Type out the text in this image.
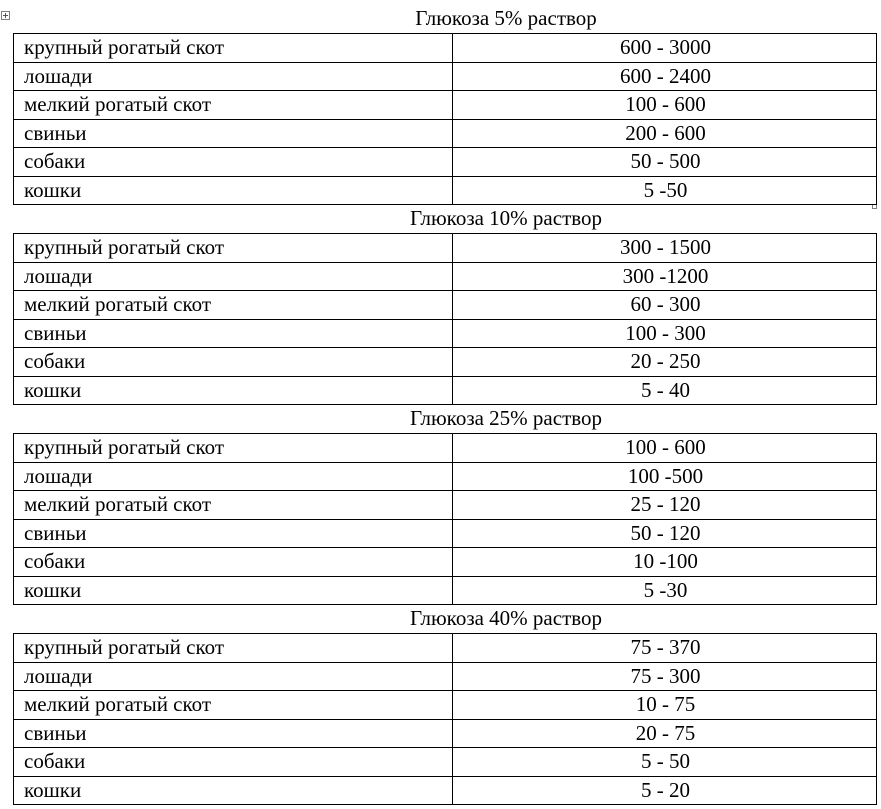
Глюкоза 5% раствор
крупный рогатый скот	600 - 3000
лошади	600 - 2400
мелкий рогатый скот	100 - 600
свиньи	200 - 600
собаки	50 - 500
кошки	5 -50
Глюкоза 10% раствор
крупный рогатый скот	300 - 1500
лошади	300 -1200
мелкий рогатый скот	60 - 300
свиньи	100 - 300
собаки	20 - 250
кошки	5 - 40
Глюкоза 25% раствор
крупный рогатый скот	100 - 600
лошади	100 -500
мелкий рогатый скот	25 - 120
свиньи	50 - 120
собаки	10 -100
кошки	5 -30
Глюкоза 40% раствор
крупный рогатый скот	75 - 370
лошади	75 - 300
мелкий рогатый скот	10 - 75
свиньи	20 - 75
собаки	5 - 50
кошки	5 - 20
